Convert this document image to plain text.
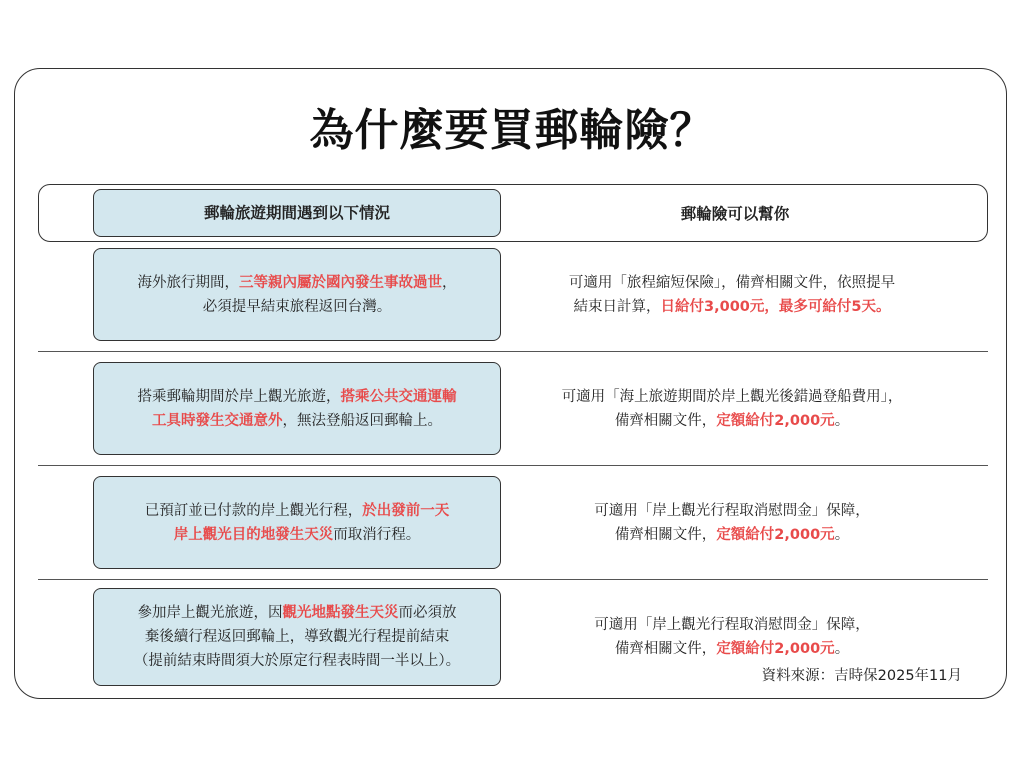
為什麼要買郵輪險？
郵輪旅遊期間遇到以下情況	郵輪險可以幫你
海外旅行期間，三等親內屬於國內發生事故過世，
必須提早結束旅程返回台灣。
可適用「旅程縮短保險」，備齊相關文件，依照提早
結束日計算，日給付3,000元，最多可給付5天。
搭乘郵輪期間於岸上觀光旅遊，搭乘公共交通運輸
工具時發生交通意外，無法登船返回郵輪上。
可適用「海上旅遊期間於岸上觀光後錯過登船費用」，
備齊相關文件，定額給付2,000元。
已預訂並已付款的岸上觀光行程，於出發前一天
岸上觀光目的地發生天災而取消行程。
可適用「岸上觀光行程取消慰問金」保障，
備齊相關文件，定額給付2,000元。
參加岸上觀光旅遊，因觀光地點發生天災而必須放
棄後續行程返回郵輪上，導致觀光行程提前結束
（提前結束時間須大於原定行程表時間一半以上）。
可適用「岸上觀光行程取消慰問金」保障，
備齊相關文件，定額給付2,000元。
資料來源：吉時保2025年11月
